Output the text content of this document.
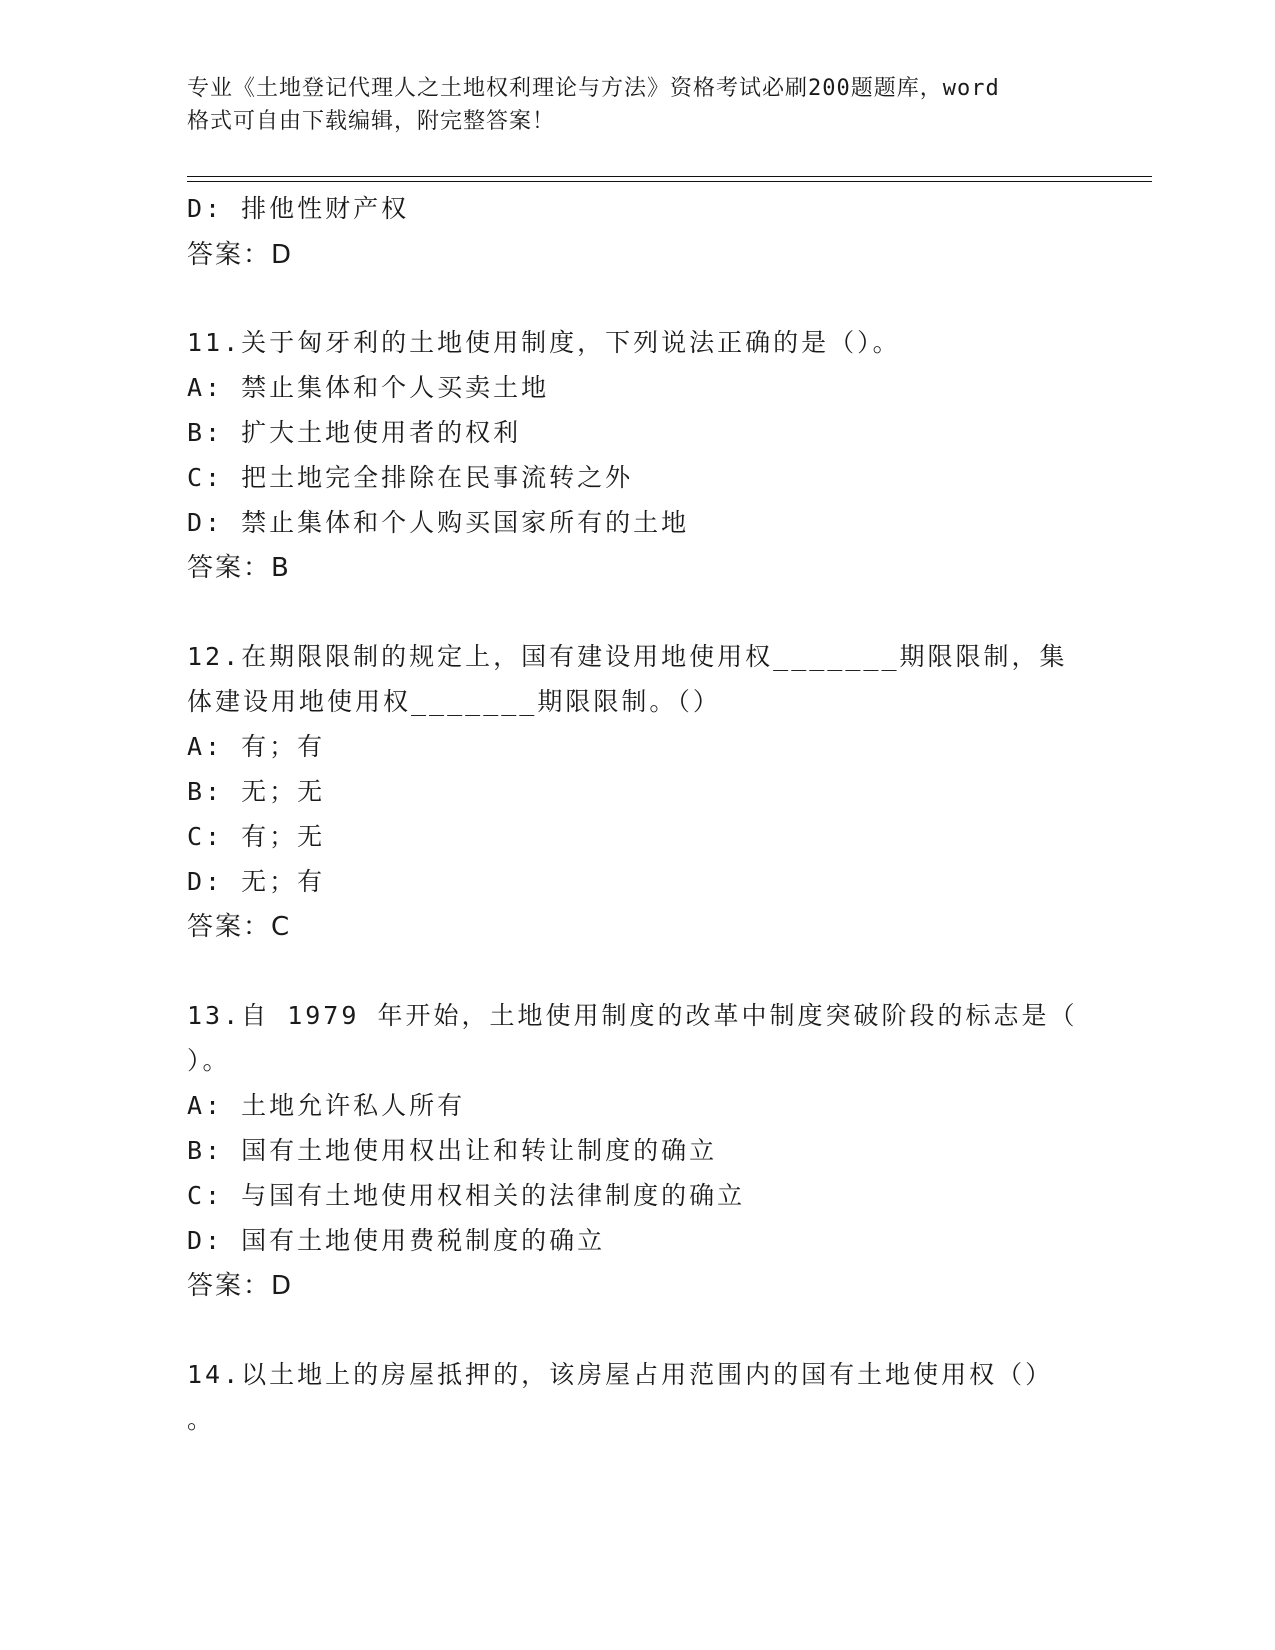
专业《土地登记代理人之土地权利理论与方法》资格考试必刷200题题库，word
格式可自由下载编辑，附完整答案！
D: 排他性财产权
答案：D
11.关于匈牙利的土地使用制度，下列说法正确的是（）。
A: 禁止集体和个人买卖土地
B: 扩大土地使用者的权利
C: 把土地完全排除在民事流转之外
D: 禁止集体和个人购买国家所有的土地
答案：B
12.在期限限制的规定上，国有建设用地使用权_______期限限制，集
体建设用地使用权_______期限限制。（）
A: 有；有
B: 无；无
C: 有；无
D: 无；有
答案：C
13.自 1979 年开始，土地使用制度的改革中制度突破阶段的标志是（
）。
A: 土地允许私人所有
B: 国有土地使用权出让和转让制度的确立
C: 与国有土地使用权相关的法律制度的确立
D: 国有土地使用费税制度的确立
答案：D
14.以土地上的房屋抵押的，该房屋占用范围内的国有土地使用权（）
。
